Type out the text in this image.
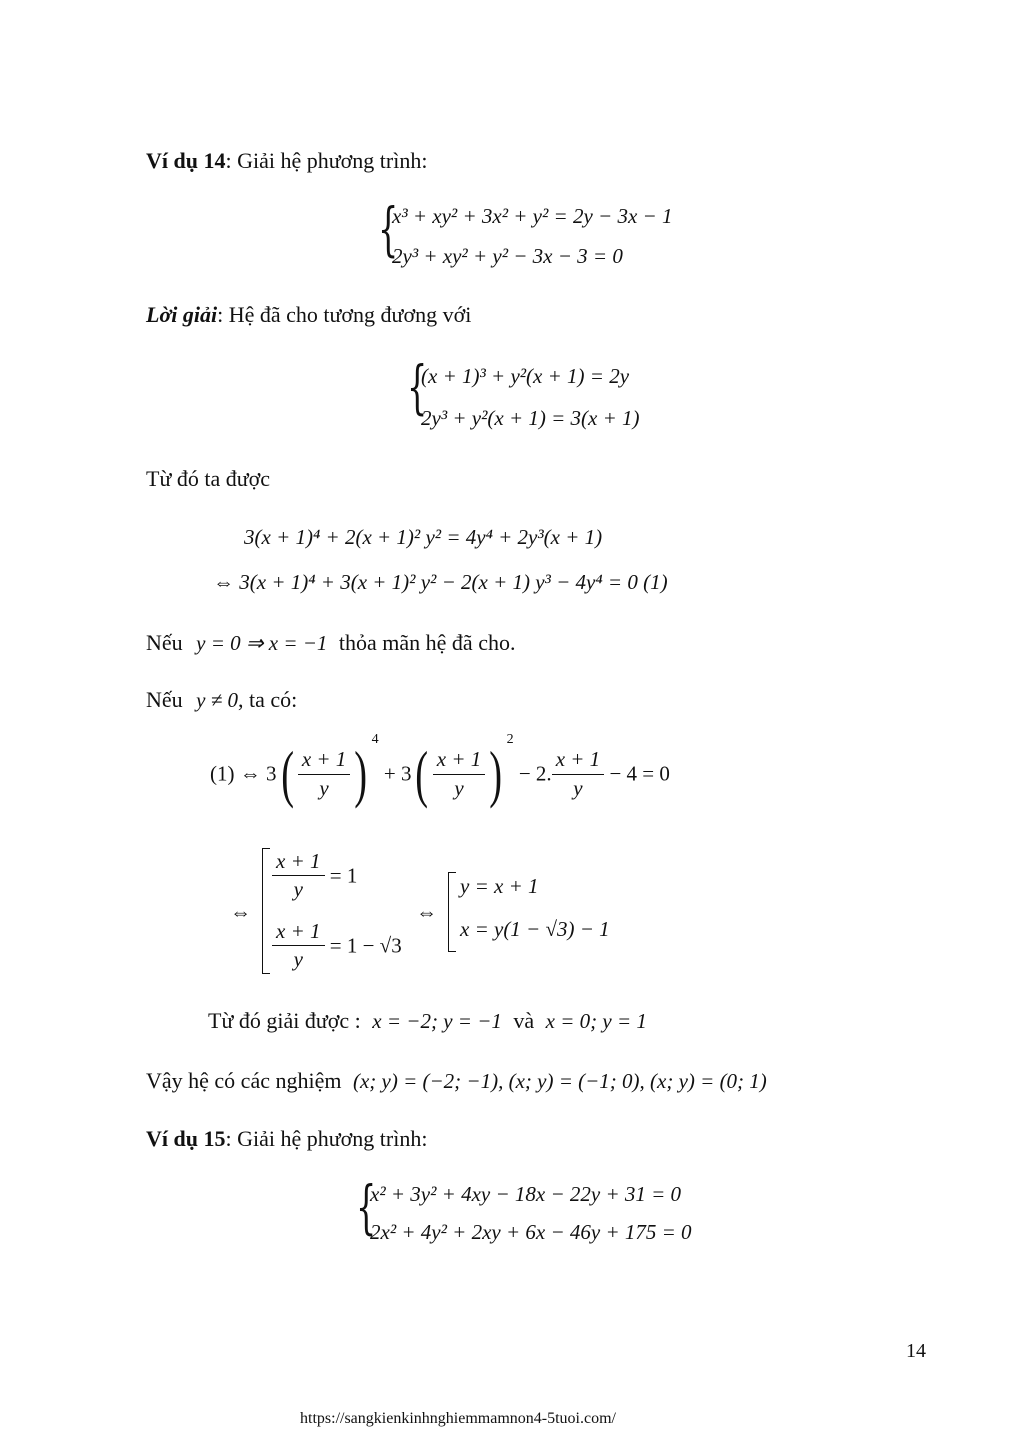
Ví dụ 14: Giải hệ phương trình:
{
x³ + xy² + 3x² + y² = 2y − 3x − 1
2y³ + xy² + y² − 3x − 3 = 0
Lời giải: Hệ đã cho tương đương với
{
(x + 1)³ + y²(x + 1) = 2y
2y³ + y²(x + 1) = 3(x + 1)
Từ đó ta được
3(x + 1)⁴ + 2(x + 1)² y² = 4y⁴ + 2y³(x + 1)
⇔ 3(x + 1)⁴ + 3(x + 1)² y² − 2(x + 1) y³ − 4y⁴ = 0 (1)
Nếu y = 0 ⇒ x = −1 thỏa mãn hệ đã cho.
Nếu y ≠ 0, ta có:
(1) ⇔ $3( \frac{x + 1}{y}$ ) $^4 + 3( \frac{x + 1}{y}$ ) $^2$ − 2. $\frac{x + 1}{y} - 4 = 0$
⇔
$\frac{x + 1}{y} = 1$
$\frac{x + 1}{y} = 1 - √3$
⇔
y = x + 1
x = y(1 − √3) − 1
Từ đó giải được : x = −2; y = −1 và x = 0; y = 1
Vậy hệ có các nghiệm (x; y) = (−2; −1), (x; y) = (−1; 0), (x; y) = (0; 1)
Ví dụ 15: Giải hệ phương trình:
{
x² + 3y² + 4xy − 18x − 22y + 31 = 0
2x² + 4y² + 2xy + 6x − 46y + 175 = 0
14
https://sangkienkinhnghiemmamnon4-5tuoi.com/
